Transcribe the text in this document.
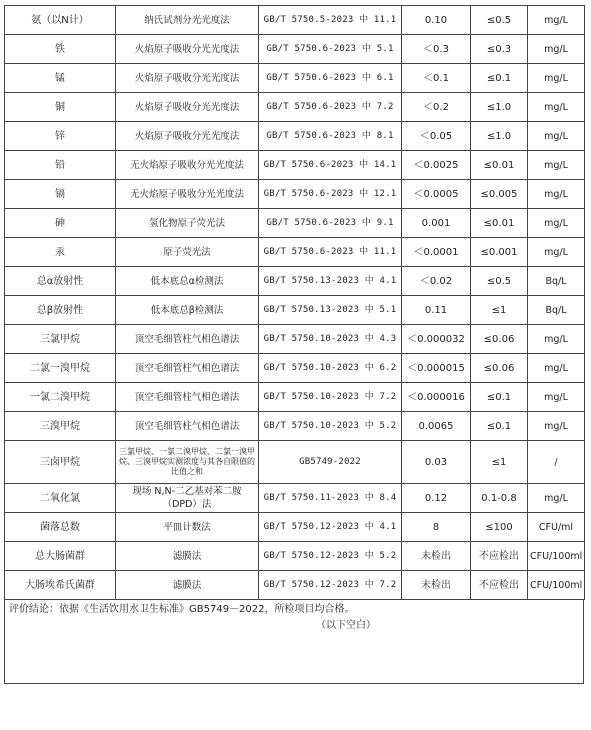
氨（以N计）	纳氏试剂分光光度法	GB/T 5750.5-2023 中 11.1	0.10	≤0.5	mg/L
铁	火焰原子吸收分光光度法	GB/T 5750.6-2023 中 5.1	＜0.3	≤0.3	mg/L
锰	火焰原子吸收分光光度法	GB/T 5750.6-2023 中 6.1	＜0.1	≤0.1	mg/L
铜	火焰原子吸收分光光度法	GB/T 5750.6-2023 中 7.2	＜0.2	≤1.0	mg/L
锌	火焰原子吸收分光光度法	GB/T 5750.6-2023 中 8.1	＜0.05	≤1.0	mg/L
铅	无火焰原子吸收分光光度法	GB/T 5750.6-2023 中 14.1	＜0.0025	≤0.01	mg/L
镉	无火焰原子吸收分光光度法	GB/T 5750.6-2023 中 12.1	＜0.0005	≤0.005	mg/L
砷	氢化物原子荧光法	GB/T 5750.6-2023 中 9.1	0.001	≤0.01	mg/L
汞	原子荧光法	GB/T 5750.6-2023 中 11.1	＜0.0001	≤0.001	mg/L
总α放射性	低本底总α检测法	GB/T 5750.13-2023 中 4.1	＜0.02	≤0.5	Bq/L
总β放射性	低本底总β检测法	GB/T 5750.13-2023 中 5.1	0.11	≤1	Bq/L
三氯甲烷	顶空毛细管柱气相色谱法	GB/T 5750.10-2023 中 4.3	＜0.000032	≤0.06	mg/L
二氯一溴甲烷	顶空毛细管柱气相色谱法	GB/T 5750.10-2023 中 6.2	＜0.000015	≤0.06	mg/L
一氯二溴甲烷	顶空毛细管柱气相色谱法	GB/T 5750.10-2023 中 7.2	＜0.000016	≤0.1	mg/L
三溴甲烷	顶空毛细管柱气相色谱法	GB/T 5750.10-2023 中 5.2	0.0065	≤0.1	mg/L
三卤甲烷	三氯甲烷、一氯二溴甲烷、二氯一溴甲烷、三溴甲烷实测浓度与其各自限值的比值之和	GB5749-2022	0.03	≤1	/
二氧化氯	现场 N,N-二乙基对苯二胺（DPD）法	GB/T 5750.11-2023 中 8.4	0.12	0.1-0.8	mg/L
菌落总数	平皿计数法	GB/T 5750.12-2023 中 4.1	8	≤100	CFU/ml
总大肠菌群	滤膜法	GB/T 5750.12-2023 中 5.2	未检出	不应检出	CFU/100ml
大肠埃希氏菌群	滤膜法	GB/T 5750.12-2023 中 7.2	未检出	不应检出	CFU/100ml
评价结论：依据《生活饮用水卫生标准》GB5749－2022，所检项目均合格。
（以下空白）
